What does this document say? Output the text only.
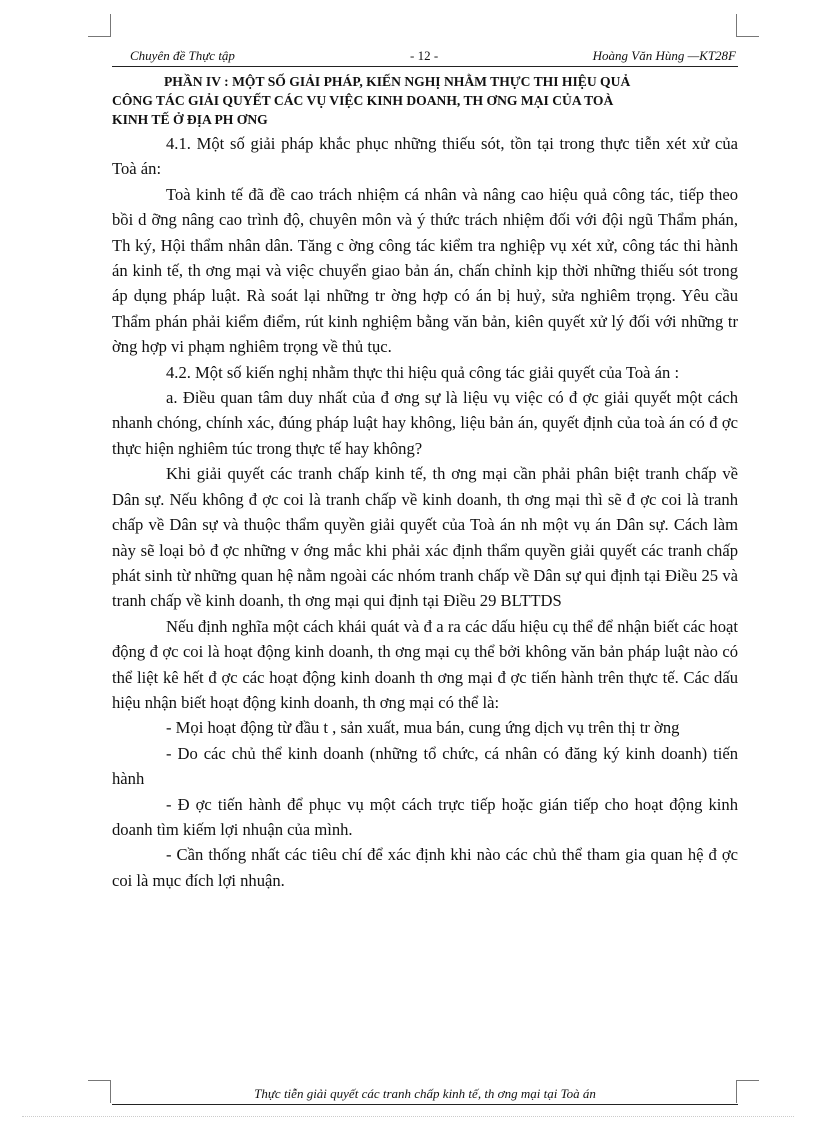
Chuyên đề Thực tập	- 12 -	Hoàng Văn Hùng —KT28F
PHẦN IV : MỘT SỐ GIẢI PHÁP, KIẾN NGHỊ NHẰM THỰC THI HIỆU QUẢ
CÔNG TÁC GIẢI QUYẾT CÁC VỤ VIỆC KINH DOANH, TH ƠNG MẠI CỦA TOÀ
KINH TẾ Ở ĐỊA PH ƠNG

4.1. Một số giải pháp khắc phục những thiếu sót, tồn tại trong thực tiễn xét xử của Toà án:

Toà kinh tế đã đề cao trách nhiệm cá nhân và nâng cao hiệu quả công tác, tiếp theo bồi d ỡng nâng cao trình độ, chuyên môn và ý thức trách nhiệm đối với đội ngũ Thẩm phán, Th ký, Hội thẩm nhân dân. Tăng c ờng công tác kiểm tra nghiệp vụ xét xử, công tác thi hành án kinh tế, th ơng mại và việc chuyển giao bản án, chấn chỉnh kịp thời những thiếu sót trong áp dụng pháp luật. Rà soát lại những tr ờng hợp có án bị huỷ, sửa nghiêm trọng. Yêu cầu Thẩm phán phải kiểm điểm, rút kinh nghiệm bằng văn bản, kiên quyết xử lý đối với những tr ờng hợp vi phạm nghiêm trọng về thủ tục.

4.2. Một số kiến nghị nhằm thực thi hiệu quả công tác giải quyết của Toà án :

a. Điều quan tâm duy nhất của đ ơng sự là liệu vụ việc có đ ợc giải quyết một cách nhanh chóng, chính xác, đúng pháp luật hay không, liệu bản án, quyết định của toà án có đ ợc thực hiện nghiêm túc trong thực tế hay không?

Khi giải quyết các tranh chấp kinh tế, th ơng mại cần phải phân biệt tranh chấp về Dân sự. Nếu không đ ợc coi là tranh chấp về kinh doanh, th ơng mại thì sẽ đ ợc coi là tranh chấp về Dân sự và thuộc thẩm quyền giải quyết của Toà án nh một vụ án Dân sự. Cách làm này sẽ loại bỏ đ ợc những v ớng mắc khi phải xác định thẩm quyền giải quyết các tranh chấp phát sinh từ những quan hệ nằm ngoài các nhóm tranh chấp về Dân sự qui định tại Điều 25 và tranh chấp về kinh doanh, th ơng mại qui định tại Điều 29 BLTTDS

Nếu định nghĩa một cách khái quát và đ a ra các dấu hiệu cụ thể để nhận biết các hoạt động đ ợc coi là hoạt động kinh doanh, th ơng mại cụ thể bởi không văn bản pháp luật nào có thể liệt kê hết đ ợc các hoạt động kinh doanh th ơng mại đ ợc tiến hành trên thực tế. Các dấu hiệu nhận biết hoạt động kinh doanh, th ơng mại có thể là:

- Mọi hoạt động từ đầu t , sản xuất, mua bán, cung ứng dịch vụ trên thị tr ờng

- Do các chủ thể kinh doanh (những tổ chức, cá nhân có đăng ký kinh doanh) tiến hành

- Đ ợc tiến hành để phục vụ một cách trực tiếp hoặc gián tiếp cho hoạt động kinh doanh tìm kiếm lợi nhuận của mình.

- Cần thống nhất các tiêu chí để xác định khi nào các chủ thể tham gia quan hệ đ ợc coi là mục đích lợi nhuận.

Thực tiễn giải quyết các tranh chấp kinh tế, th ơng mại tại Toà án
